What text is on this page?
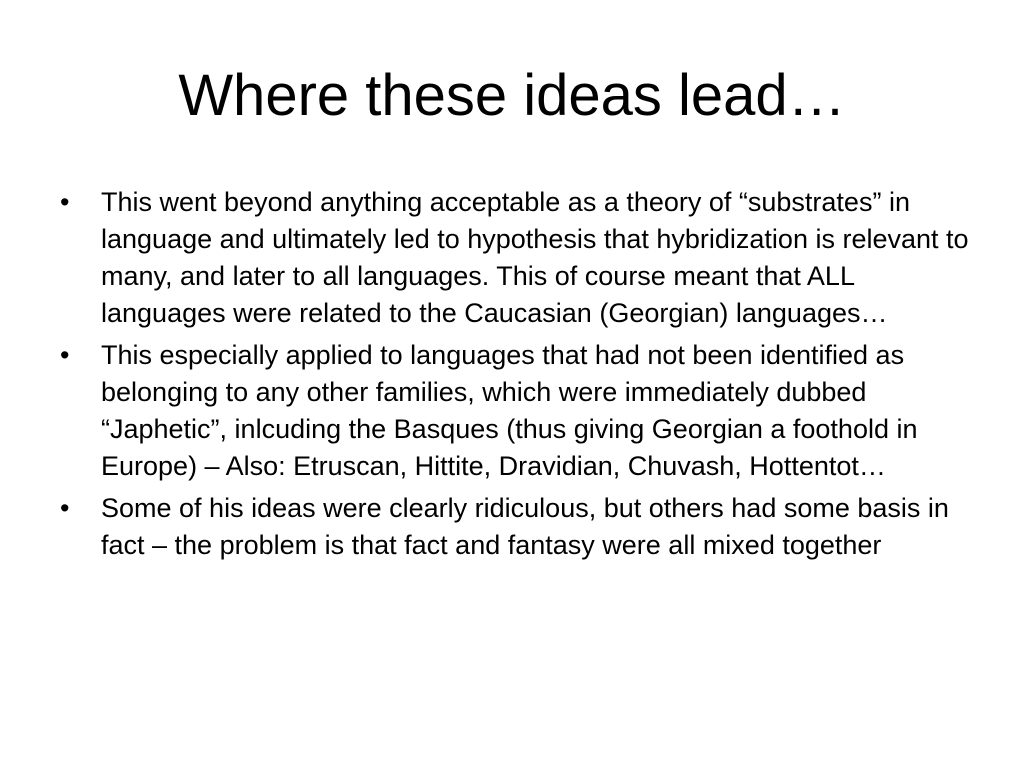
Where these ideas lead…
•	This went beyond anything acceptable as a theory of “substrates” in language and ultimately led to hypothesis that hybridization is relevant to many, and later to all languages. This of course meant that ALL languages were related to the Caucasian (Georgian) languages…
•	This especially applied to languages that had not been identified as belonging to any other families, which were immediately dubbed “Japhetic”, inlcuding the Basques (thus giving Georgian a foothold in Europe) – Also: Etruscan, Hittite, Dravidian, Chuvash, Hottentot…
•	Some of his ideas were clearly ridiculous, but others had some basis in fact – the problem is that fact and fantasy were all mixed together
